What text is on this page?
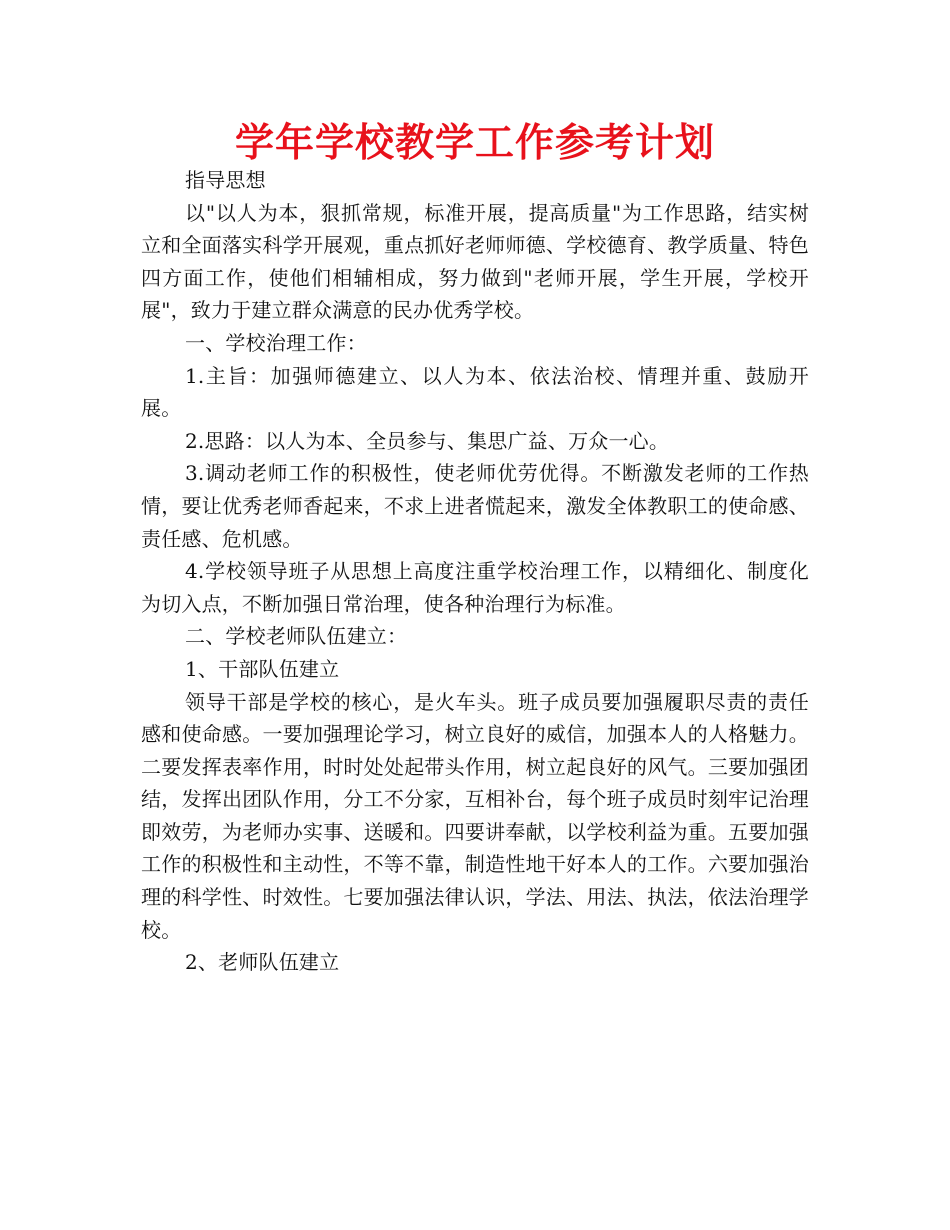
学年学校教学工作参考计划

指导思想

以"以人为本，狠抓常规，标准开展，提高质量"为工作思路，结实树立和全面落实科学开展观，重点抓好老师师德、学校德育、教学质量、特色四方面工作，使他们相辅相成，努力做到"老师开展，学生开展，学校开展"，致力于建立群众满意的民办优秀学校。

一、学校治理工作：

1.主旨：加强师德建立、以人为本、依法治校、情理并重、鼓励开展。

2.思路：以人为本、全员参与、集思广益、万众一心。

3.调动老师工作的积极性，使老师优劳优得。不断激发老师的工作热情，要让优秀老师香起来，不求上进者慌起来，激发全体教职工的使命感、责任感、危机感。

4.学校领导班子从思想上高度注重学校治理工作，以精细化、制度化为切入点，不断加强日常治理，使各种治理行为标准。

二、学校老师队伍建立：

1、干部队伍建立

领导干部是学校的核心，是火车头。班子成员要加强履职尽责的责任感和使命感。一要加强理论学习，树立良好的威信，加强本人的人格魅力。二要发挥表率作用，时时处处起带头作用，树立起良好的风气。三要加强团结，发挥出团队作用，分工不分家，互相补台，每个班子成员时刻牢记治理即效劳，为老师办实事、送暖和。四要讲奉献，以学校利益为重。五要加强工作的积极性和主动性，不等不靠，制造性地干好本人的工作。六要加强治理的科学性、时效性。七要加强法律认识，学法、用法、执法，依法治理学校。

2、老师队伍建立
